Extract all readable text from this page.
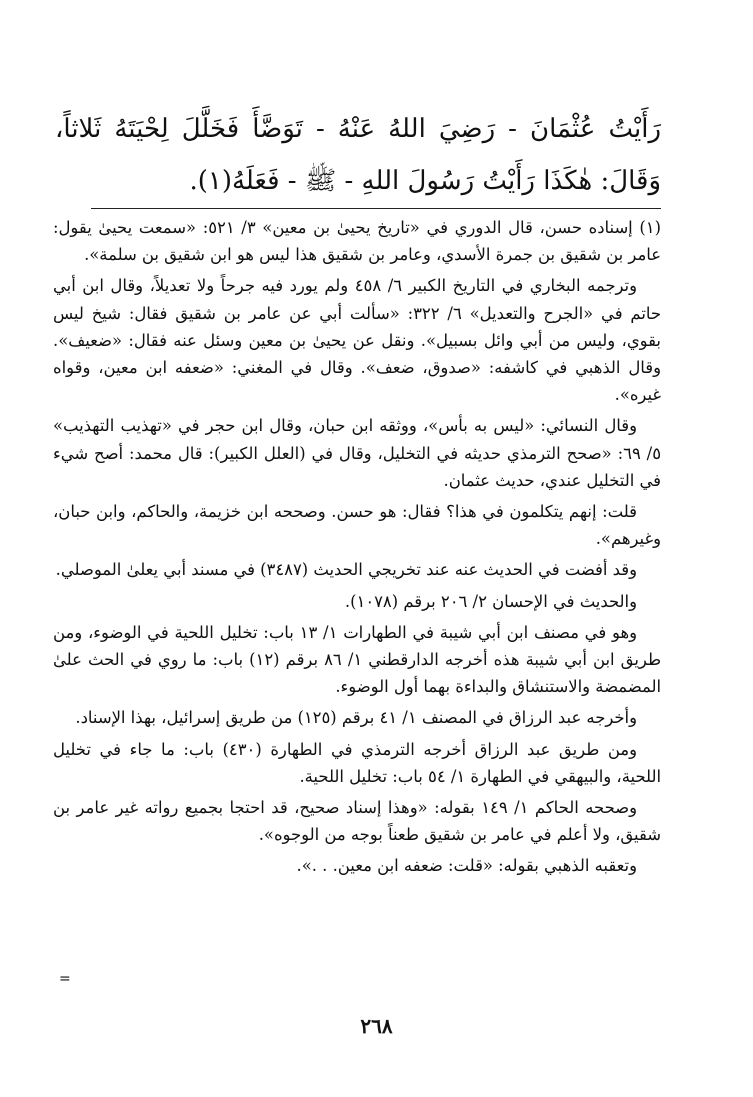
رَأَيْتُ عُثْمَانَ - رَضِيَ اللهُ عَنْهُ - تَوَضَّأَ فَخَلَّلَ لِحْيَتَهُ ثَلاثاً، وَقَالَ: هٰكَذَا رَأَيْتُ رَسُولَ اللهِ - ﷺ - فَعَلَهُ(١).

(١) إسناده حسن، قال الدوري في «تاريخ يحيىٰ بن معين» ٣/ ٥٢١: «سمعت يحيىٰ يقول: عامر بن شقيق بن جمرة الأسدي، وعامر بن شقيق هذا ليس هو ابن شقيق بن سلمة».

وترجمه البخاري في التاريخ الكبير ٦/ ٤٥٨ ولم يورد فيه جرحاً ولا تعديلاً، وقال ابن أبي حاتم في «الجرح والتعديل» ٦/ ٣٢٢: «سألت أبي عن عامر بن شقيق فقال: شيخ ليس بقوي، وليس من أبي وائل بسبيل». ونقل عن يحيىٰ بن معين وسئل عنه فقال: «ضعيف». وقال الذهبي في كاشفه: «صدوق، ضعف». وقال في المغني: «ضعفه ابن معين، وقواه غيره».

وقال النسائي: «ليس به بأس»، ووثقه ابن حبان، وقال ابن حجر في «تهذيب التهذيب» ٥/ ٦٩: «صحح الترمذي حديثه في التخليل، وقال في (العلل الكبير): قال محمد: أصح شيء في التخليل عندي، حديث عثمان.

قلت: إنهم يتكلمون في هذا؟ فقال: هو حسن. وصححه ابن خزيمة، والحاكم، وابن حبان، وغيرهم».

وقد أفضت في الحديث عنه عند تخريجي الحديث (٣٤٨٧) في مسند أبي يعلىٰ الموصلي.

والحديث في الإحسان ٢/ ٢٠٦ برقم (١٠٧٨).

وهو في مصنف ابن أبي شيبة في الطهارات ١/ ١٣ باب: تخليل اللحية في الوضوء، ومن طريق ابن أبي شيبة هذه أخرجه الدارقطني ١/ ٨٦ برقم (١٢) باب: ما روي في الحث علىٰ المضمضة والاستنشاق والبداءة بهما أول الوضوء.

وأخرجه عبد الرزاق في المصنف ١/ ٤١ برقم (١٢٥) من طريق إسرائيل، بهذا الإسناد.

ومن طريق عبد الرزاق أخرجه الترمذي في الطهارة (٤٣٠) باب: ما جاء في تخليل اللحية، والبيهقي في الطهارة ١/ ٥٤ باب: تخليل اللحية.

وصححه الحاكم ١/ ١٤٩ بقوله: «وهذا إسناد صحيح، قد احتجا بجميع رواته غير عامر بن شقيق، ولا أعلم في عامر بن شقيق طعناً بوجه من الوجوه».

وتعقبه الذهبي بقوله: «قلت: ضعفه ابن معين. . .».

=
٢٦٨
